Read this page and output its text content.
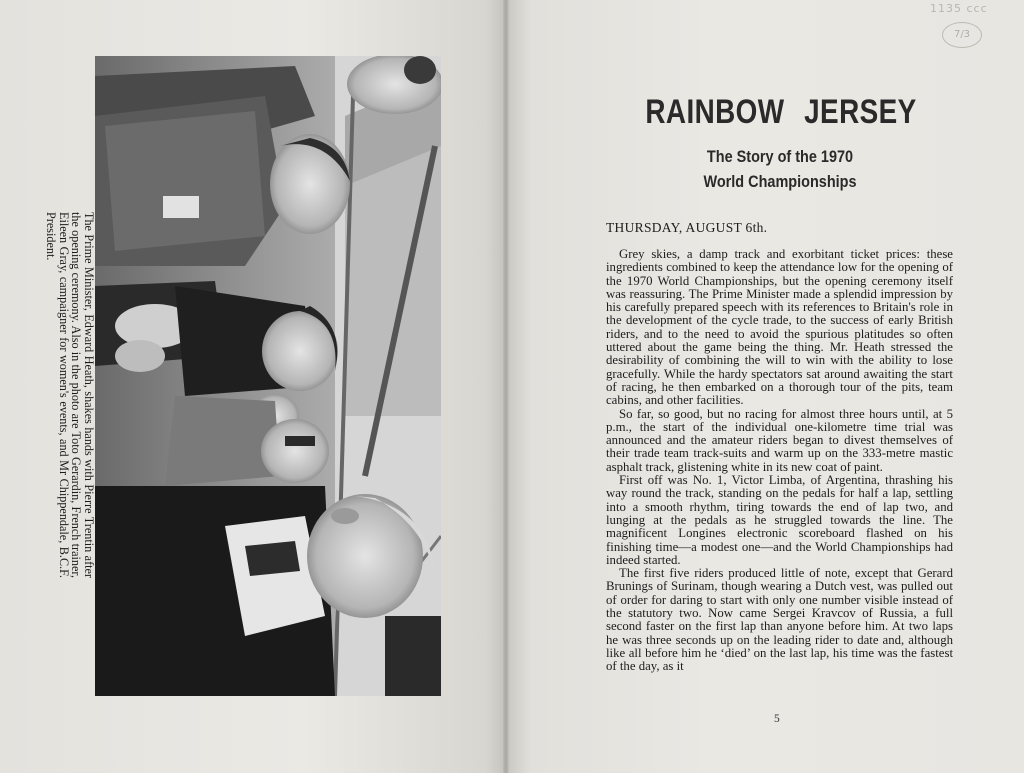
The Prime Minister, Edward Heath, shakes hands with Pierre Trentin after the opening ceremony. Also in the photo are Toto Gerardin, French trainer, Eileen Gray, campaigner for women's events, and Mr Chippendale, B.C.F. President.
1135 ccc
7/3
RAINBOW JERSEY
The Story of the 1970
World Championships
THURSDAY, AUGUST 6th.

Grey skies, a damp track and exorbitant ticket prices: these ingredients combined to keep the attendance low for the opening of the 1970 World Championships, but the opening ceremony itself was reassuring. The Prime Minister made a splendid impression by his carefully prepared speech with its references to Britain's role in the development of the cycle trade, to the success of early British riders, and to the need to avoid the spurious platitudes so often uttered about the game being the thing. Mr. Heath stressed the desirability of combining the will to win with the ability to lose gracefully. While the hardy spectators sat around awaiting the start of racing, he then embarked on a thorough tour of the pits, team cabins, and other facilities.

So far, so good, but no racing for almost three hours until, at 5 p.m., the start of the individual one-kilometre time trial was announced and the amateur riders began to divest themselves of their trade team track-suits and warm up on the 333-metre mastic asphalt track, glistening white in its new coat of paint.

First off was No. 1, Victor Limba, of Argentina, thrashing his way round the track, standing on the pedals for half a lap, settling into a smooth rhythm, tiring towards the end of lap two, and lunging at the pedals as he struggled towards the line. The magnificent Longines electronic scoreboard flashed on his finishing time—a modest one—and the World Championships had indeed started.

The first five riders produced little of note, except that Gerard Brunings of Surinam, though wearing a Dutch vest, was pulled out of order for daring to start with only one number visible instead of the statutory two. Now came Sergei Kravcov of Russia, a full second faster on the first lap than anyone before him. At two laps he was three seconds up on the leading rider to date and, although like all before him he ‘died’ on the last lap, his time was the fastest of the day, as it

5
